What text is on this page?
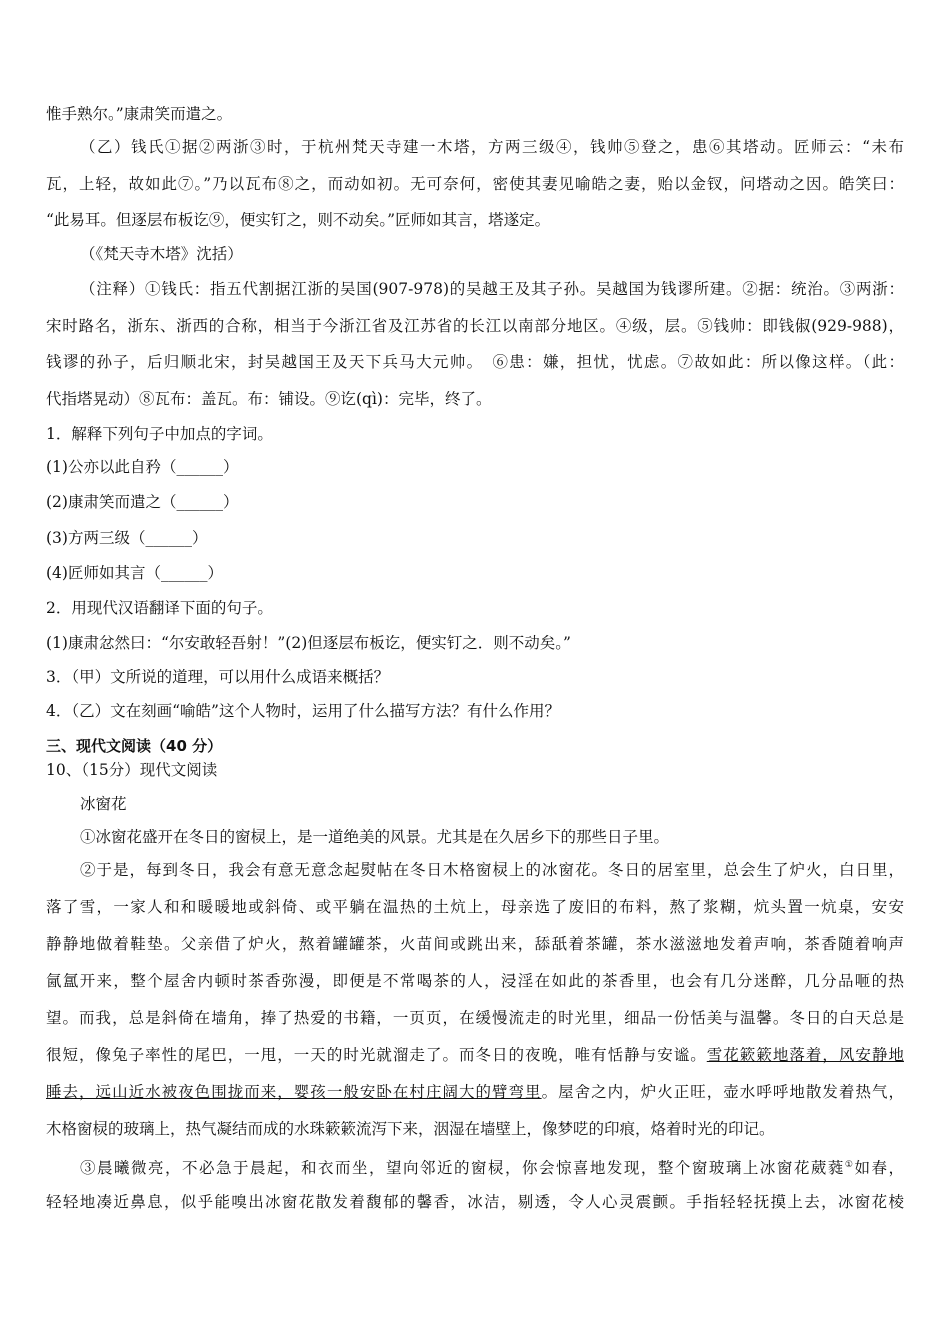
惟手熟尔。”康肃笑而遣之。
（乙）钱氏①据②两浙③时，于杭州梵天寺建一木塔，方两三级④，钱帅⑤登之，患⑥其塔动。匠师云：“未布
瓦，上轻，故如此⑦。”乃以瓦布⑧之，而动如初。无可奈何，密使其妻见喻皓之妻，贻以金钗，问塔动之因。皓笑曰：
“此易耳。但逐层布板讫⑨，便实钉之，则不动矣。”匠师如其言，塔遂定。
（《梵天寺木塔》沈括）
（注释）①钱氏：指五代割据江浙的吴国(907-978)的吴越王及其子孙。吴越国为钱谬所建。②据：统治。③两浙：
宋时路名，浙东、浙西的合称，相当于今浙江省及江苏省的长江以南部分地区。④级，层。⑤钱帅：即钱俶(929-988)，
钱谬的孙子，后归顺北宋，封吴越国王及天下兵马大元帅。　⑥患：嫌，担忧，忧虑。⑦故如此：所以像这样。（此：
代指塔晃动）⑧瓦布：盖瓦。布：铺设。⑨讫(qì)：完毕，终了。
1．解释下列句子中加点的字词。
(1)公亦以此自矜（______）
(2)康肃笑而遣之（______）
(3)方两三级（______）
(4)匠师如其言（______）
2．用现代汉语翻译下面的句子。
(1)康肃忿然曰：“尔安敢轻吾射！”(2)但逐层布板讫，便实钉之．则不动矣。”
3．（甲）文所说的道理，可以用什么成语来概括？
4．（乙）文在刻画“喻皓”这个人物时，运用了什么描写方法？有什么作用？
三、现代文阅读（40 分）
10、（15分）现代文阅读
冰窗花
①冰窗花盛开在冬日的窗棂上，是一道绝美的风景。尤其是在久居乡下的那些日子里。
②于是，每到冬日，我会有意无意念起熨帖在冬日木格窗棂上的冰窗花。冬日的居室里，总会生了炉火，白日里，
落了雪，一家人和和暖暖地或斜倚、或平躺在温热的土炕上，母亲选了废旧的布料，熬了浆糊，炕头置一炕桌，安安
静静地做着鞋垫。父亲借了炉火，熬着罐罐茶，火苗间或跳出来，舔舐着茶罐，茶水滋滋地发着声响，茶香随着响声
氤氲开来，整个屋舍内顿时茶香弥漫，即便是不常喝茶的人，浸淫在如此的茶香里，也会有几分迷醉，几分品咂的热
望。而我，总是斜倚在墙角，捧了热爱的书籍，一页页，在缓慢流走的时光里，细品一份恬美与温馨。冬日的白天总是
很短，像兔子率性的尾巴，一甩，一天的时光就溜走了。而冬日的夜晚，唯有恬静与安谧。雪花簌簌地落着，风安静地
睡去，远山近水被夜色围拢而来，婴孩一般安卧在村庄阔大的臂弯里。屋舍之内，炉火正旺，壶水呼呼地散发着热气，
木格窗棂的玻璃上，热气凝结而成的水珠簌簌流泻下来，洇湿在墙壁上，像梦呓的印痕，烙着时光的印记。
③晨曦微亮，不必急于晨起，和衣而坐，望向邻近的窗棂，你会惊喜地发现，整个窗玻璃上冰窗花葳蕤①如春，
轻轻地凑近鼻息，似乎能嗅出冰窗花散发着馥郁的馨香，冰洁，剔透，令人心灵震颤。手指轻轻抚摸上去，冰窗花棱
